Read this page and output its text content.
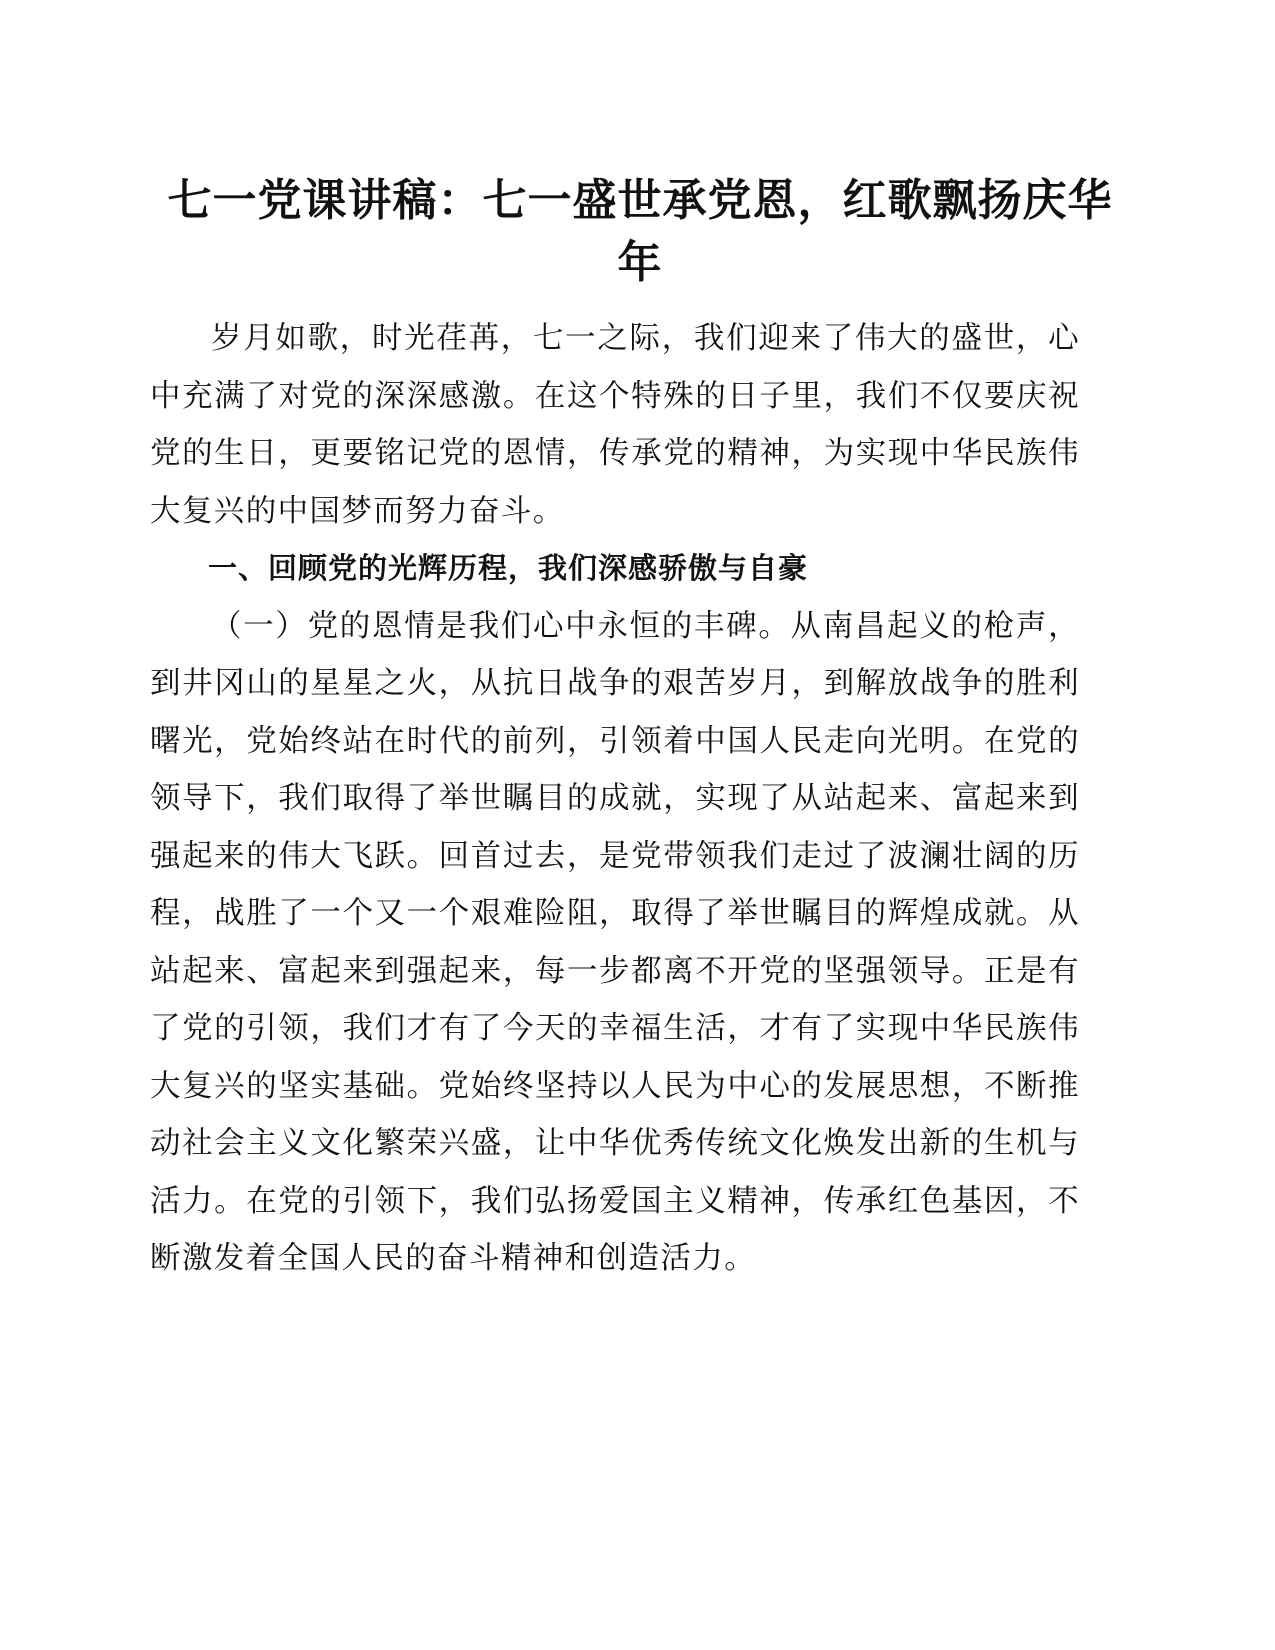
七一党课讲稿：七一盛世承党恩，红歌飘扬庆华年

岁月如歌，时光荏苒，七一之际，我们迎来了伟大的盛世，心中充满了对党的深深感激。在这个特殊的日子里，我们不仅要庆祝党的生日，更要铭记党的恩情，传承党的精神，为实现中华民族伟大复兴的中国梦而努力奋斗。

一、回顾党的光辉历程，我们深感骄傲与自豪

（一）党的恩情是我们心中永恒的丰碑。从南昌起义的枪声，到井冈山的星星之火，从抗日战争的艰苦岁月，到解放战争的胜利曙光，党始终站在时代的前列，引领着中国人民走向光明。在党的领导下，我们取得了举世瞩目的成就，实现了从站起来、富起来到强起来的伟大飞跃。回首过去，是党带领我们走过了波澜壮阔的历程，战胜了一个又一个艰难险阻，取得了举世瞩目的辉煌成就。从站起来、富起来到强起来，每一步都离不开党的坚强领导。正是有了党的引领，我们才有了今天的幸福生活，才有了实现中华民族伟大复兴的坚实基础。党始终坚持以人民为中心的发展思想，不断推动社会主义文化繁荣兴盛，让中华优秀传统文化焕发出新的生机与活力。在党的引领下，我们弘扬爱国主义精神，传承红色基因，不断激发着全国人民的奋斗精神和创造活力。
